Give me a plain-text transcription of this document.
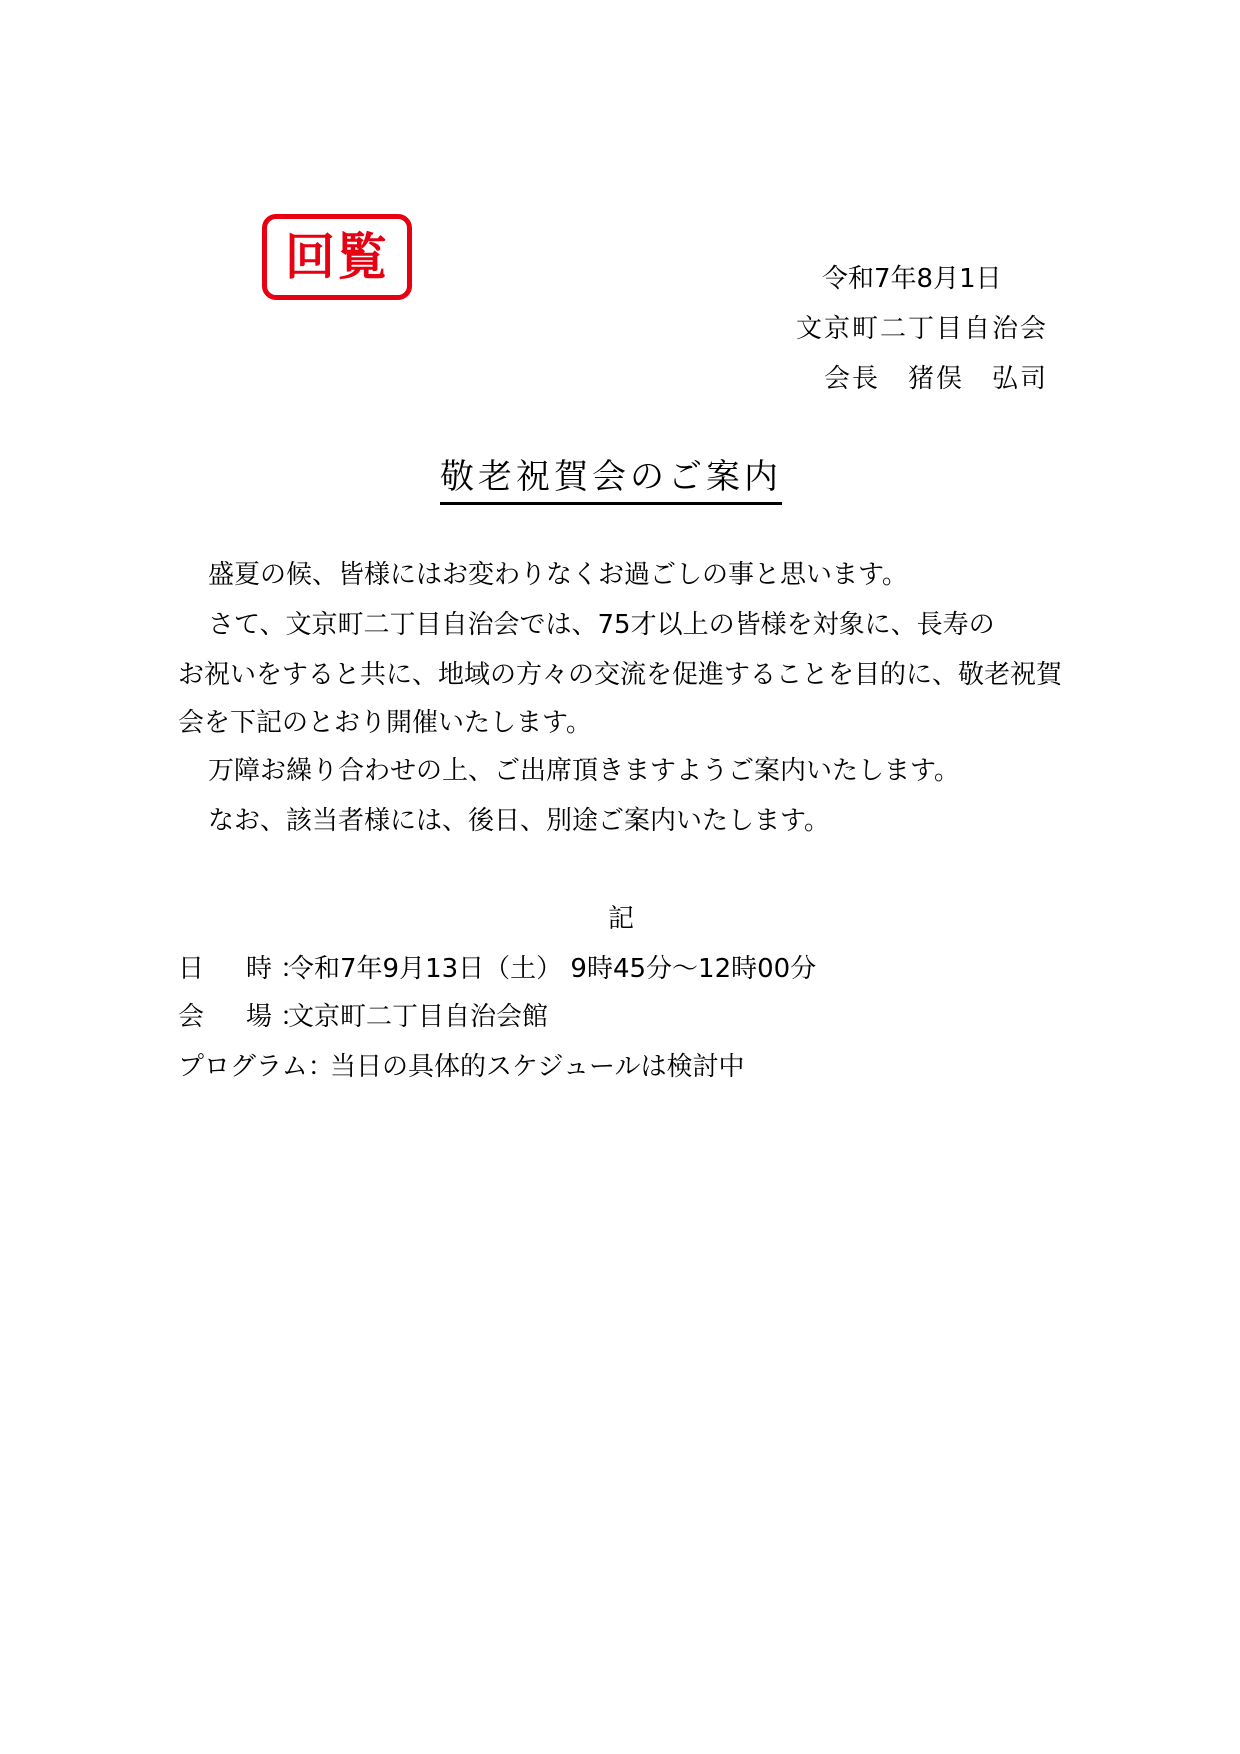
回覧	令和7年8月1日
文京町二丁目自治会
会長　猪俣　弘司
敬老祝賀会のご案内
盛夏の候、皆様にはお変わりなくお過ごしの事と思います。
さて、文京町二丁目自治会では、75才以上の皆様を対象に、長寿の
お祝いをすると共に、地域の方々の交流を促進することを目的に、敬老祝賀
会を下記のとおり開催いたします。
万障お繰り合わせの上、ご出席頂きますようご案内いたします。
なお、該当者様には、後日、別途ご案内いたします。
記
日　時：令和7年9月13日（土） 9時45分～12時00分
会　場：文京町二丁目自治会館
プログラム：当日の具体的スケジュールは検討中
